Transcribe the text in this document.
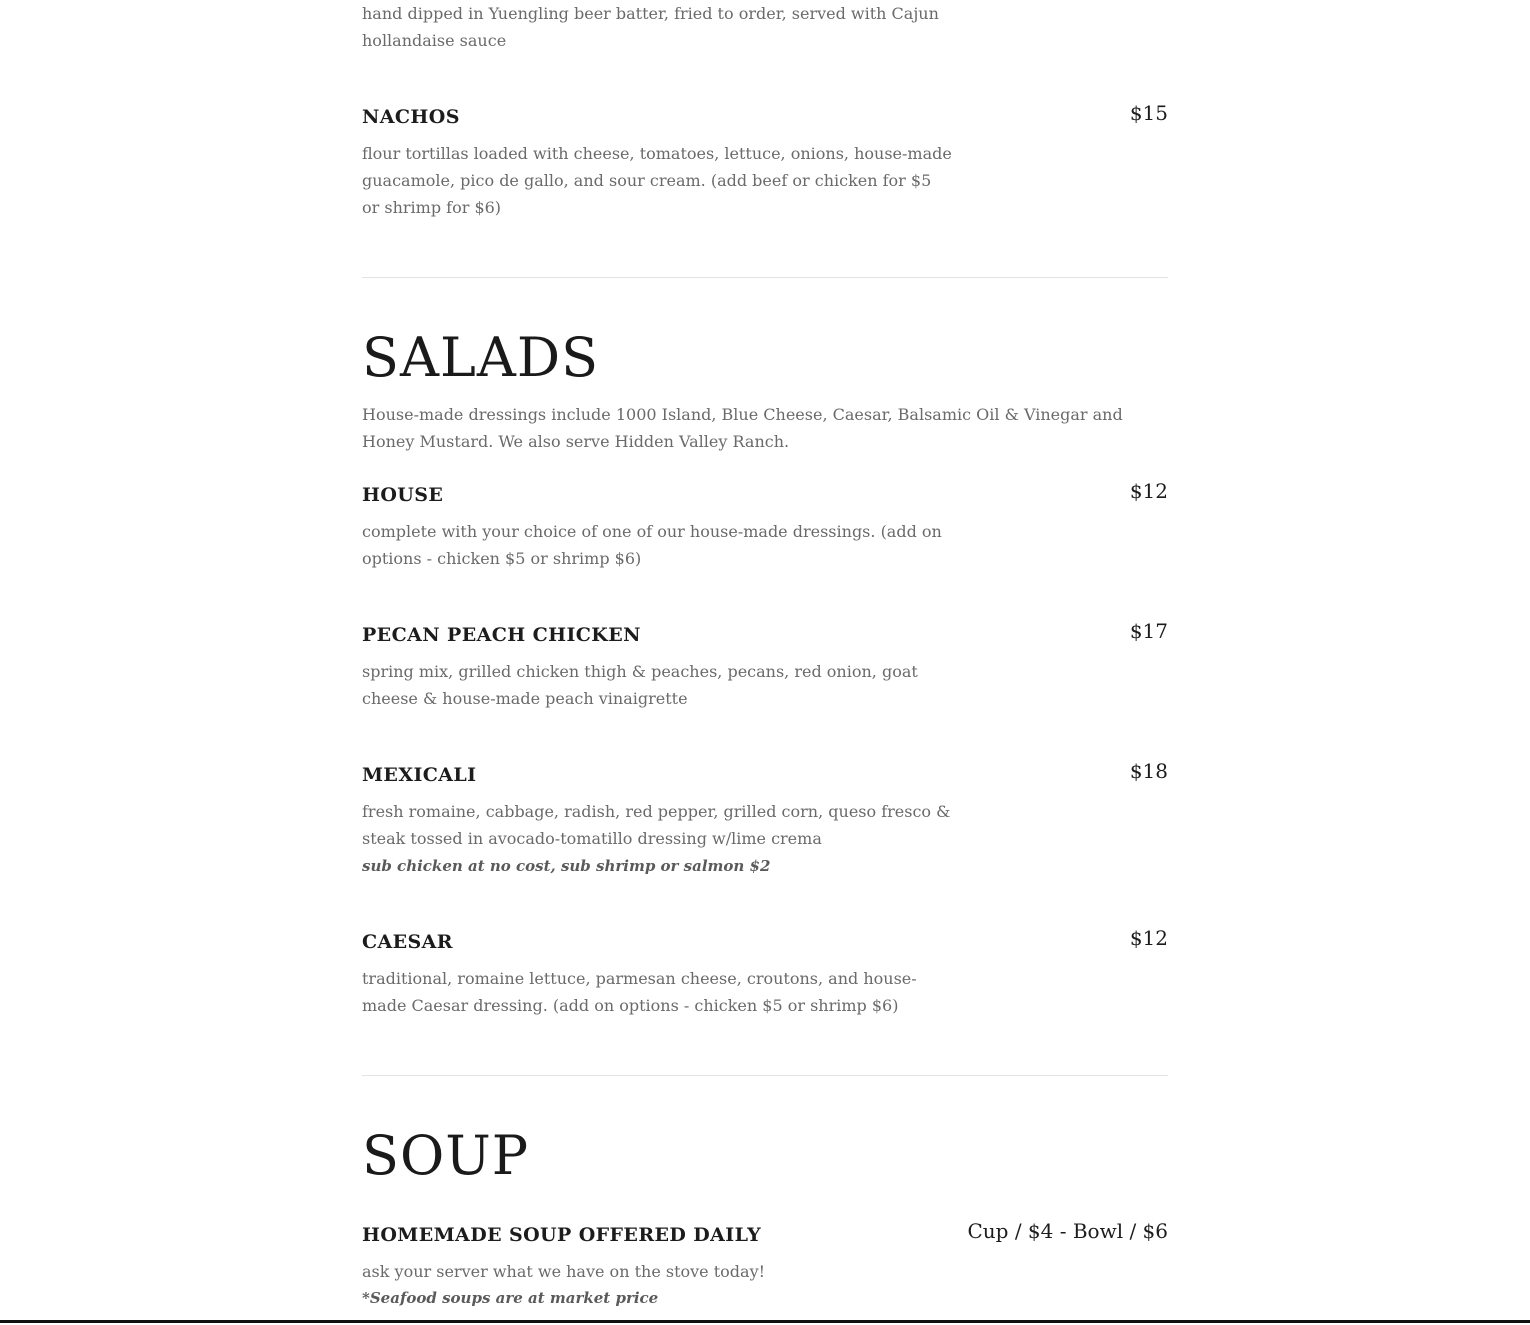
hand dipped in Yuengling beer batter, fried to order, served with Cajun hollandaise sauce

NACHOS	$15

flour tortillas loaded with cheese, tomatoes, lettuce, onions, house-made guacamole, pico de gallo, and sour cream. (add beef or chicken for $5 or shrimp for $6)

SALADS

House-made dressings include 1000 Island, Blue Cheese, Caesar, Balsamic Oil & Vinegar and Honey Mustard. We also serve Hidden Valley Ranch.

HOUSE	$12

complete with your choice of one of our house-made dressings. (add on options - chicken $5 or shrimp $6)

PECAN PEACH CHICKEN	$17

spring mix, grilled chicken thigh & peaches, pecans, red onion, goat cheese & house-made peach vinaigrette

MEXICALI	$18

fresh romaine, cabbage, radish, red pepper, grilled corn, queso fresco & steak tossed in avocado-tomatillo dressing w/lime crema

sub chicken at no cost, sub shrimp or salmon $2

CAESAR	$12

traditional, romaine lettuce, parmesan cheese, croutons, and house-made Caesar dressing. (add on options - chicken $5 or shrimp $6)

SOUP
HOMEMADE SOUP OFFERED DAILY	Cup / $4 - Bowl / $6

ask your server what we have on the stove today!

*Seafood soups are at market price
